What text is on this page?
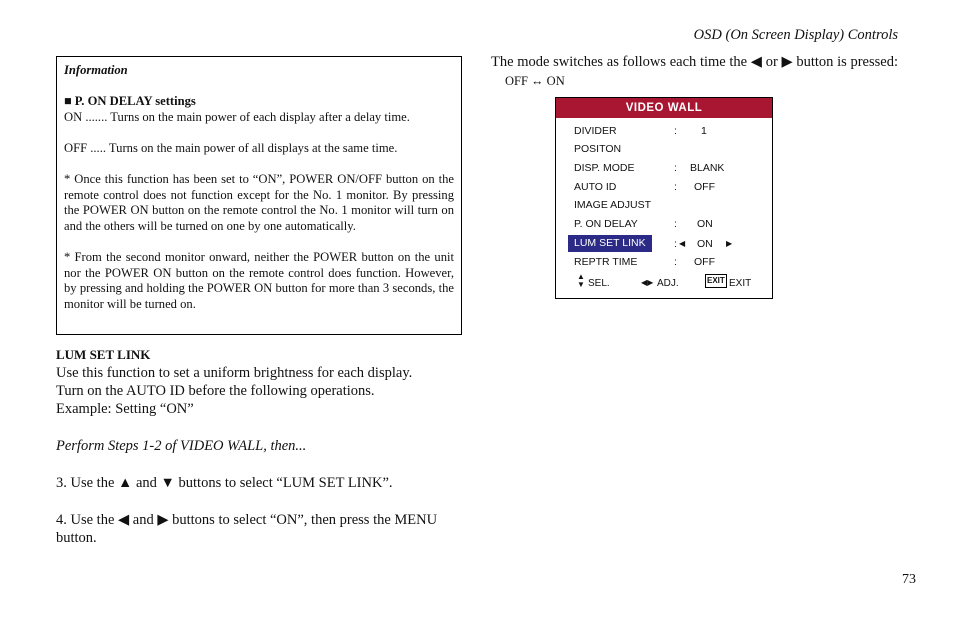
OSD (On Screen Display) Controls

Information

■ P. ON DELAY settings

ON ....... Turns on the main power of each display after a delay time.

OFF ..... Turns on the main power of all displays at the same time.

* Once this function has been set to “ON”, POWER ON/OFF button on the remote control does not function except for the No. 1 monitor. By pressing the POWER ON button on the remote control the No. 1 monitor will turn on and the others will be turned on one by one automatically.

* From the second monitor onward, neither the POWER button on the unit nor the POWER ON button on the remote control does function. However, by pressing and holding the POWER ON button for more than 3 seconds, the monitor will be turned on.

LUM SET LINK

Use this function to set a uniform brightness for each display.

Turn on the AUTO ID before the following operations.

Example: Setting “ON”

Perform Steps 1-2 of VIDEO WALL, then...

3. Use the ▲ and ▼ buttons to select “LUM SET LINK”.

4. Use the ◀ and ▶ buttons to select “ON”, then press the MENU button.

The mode switches as follows each time the ◀ or ▶ button is pressed: OFF ↔ ON
VIDEO WALL
DIVIDER	: 1
POSITON
DISP. MODE	: BLANK
AUTO ID	: OFF
IMAGE ADJUST
P. ON DELAY	: ON
LUM SET LINK	: ◀ ON ▶
REPTR TIME	: OFF
▲
▼ SEL.	◀▶ ADJ.	EXIT EXIT
73
